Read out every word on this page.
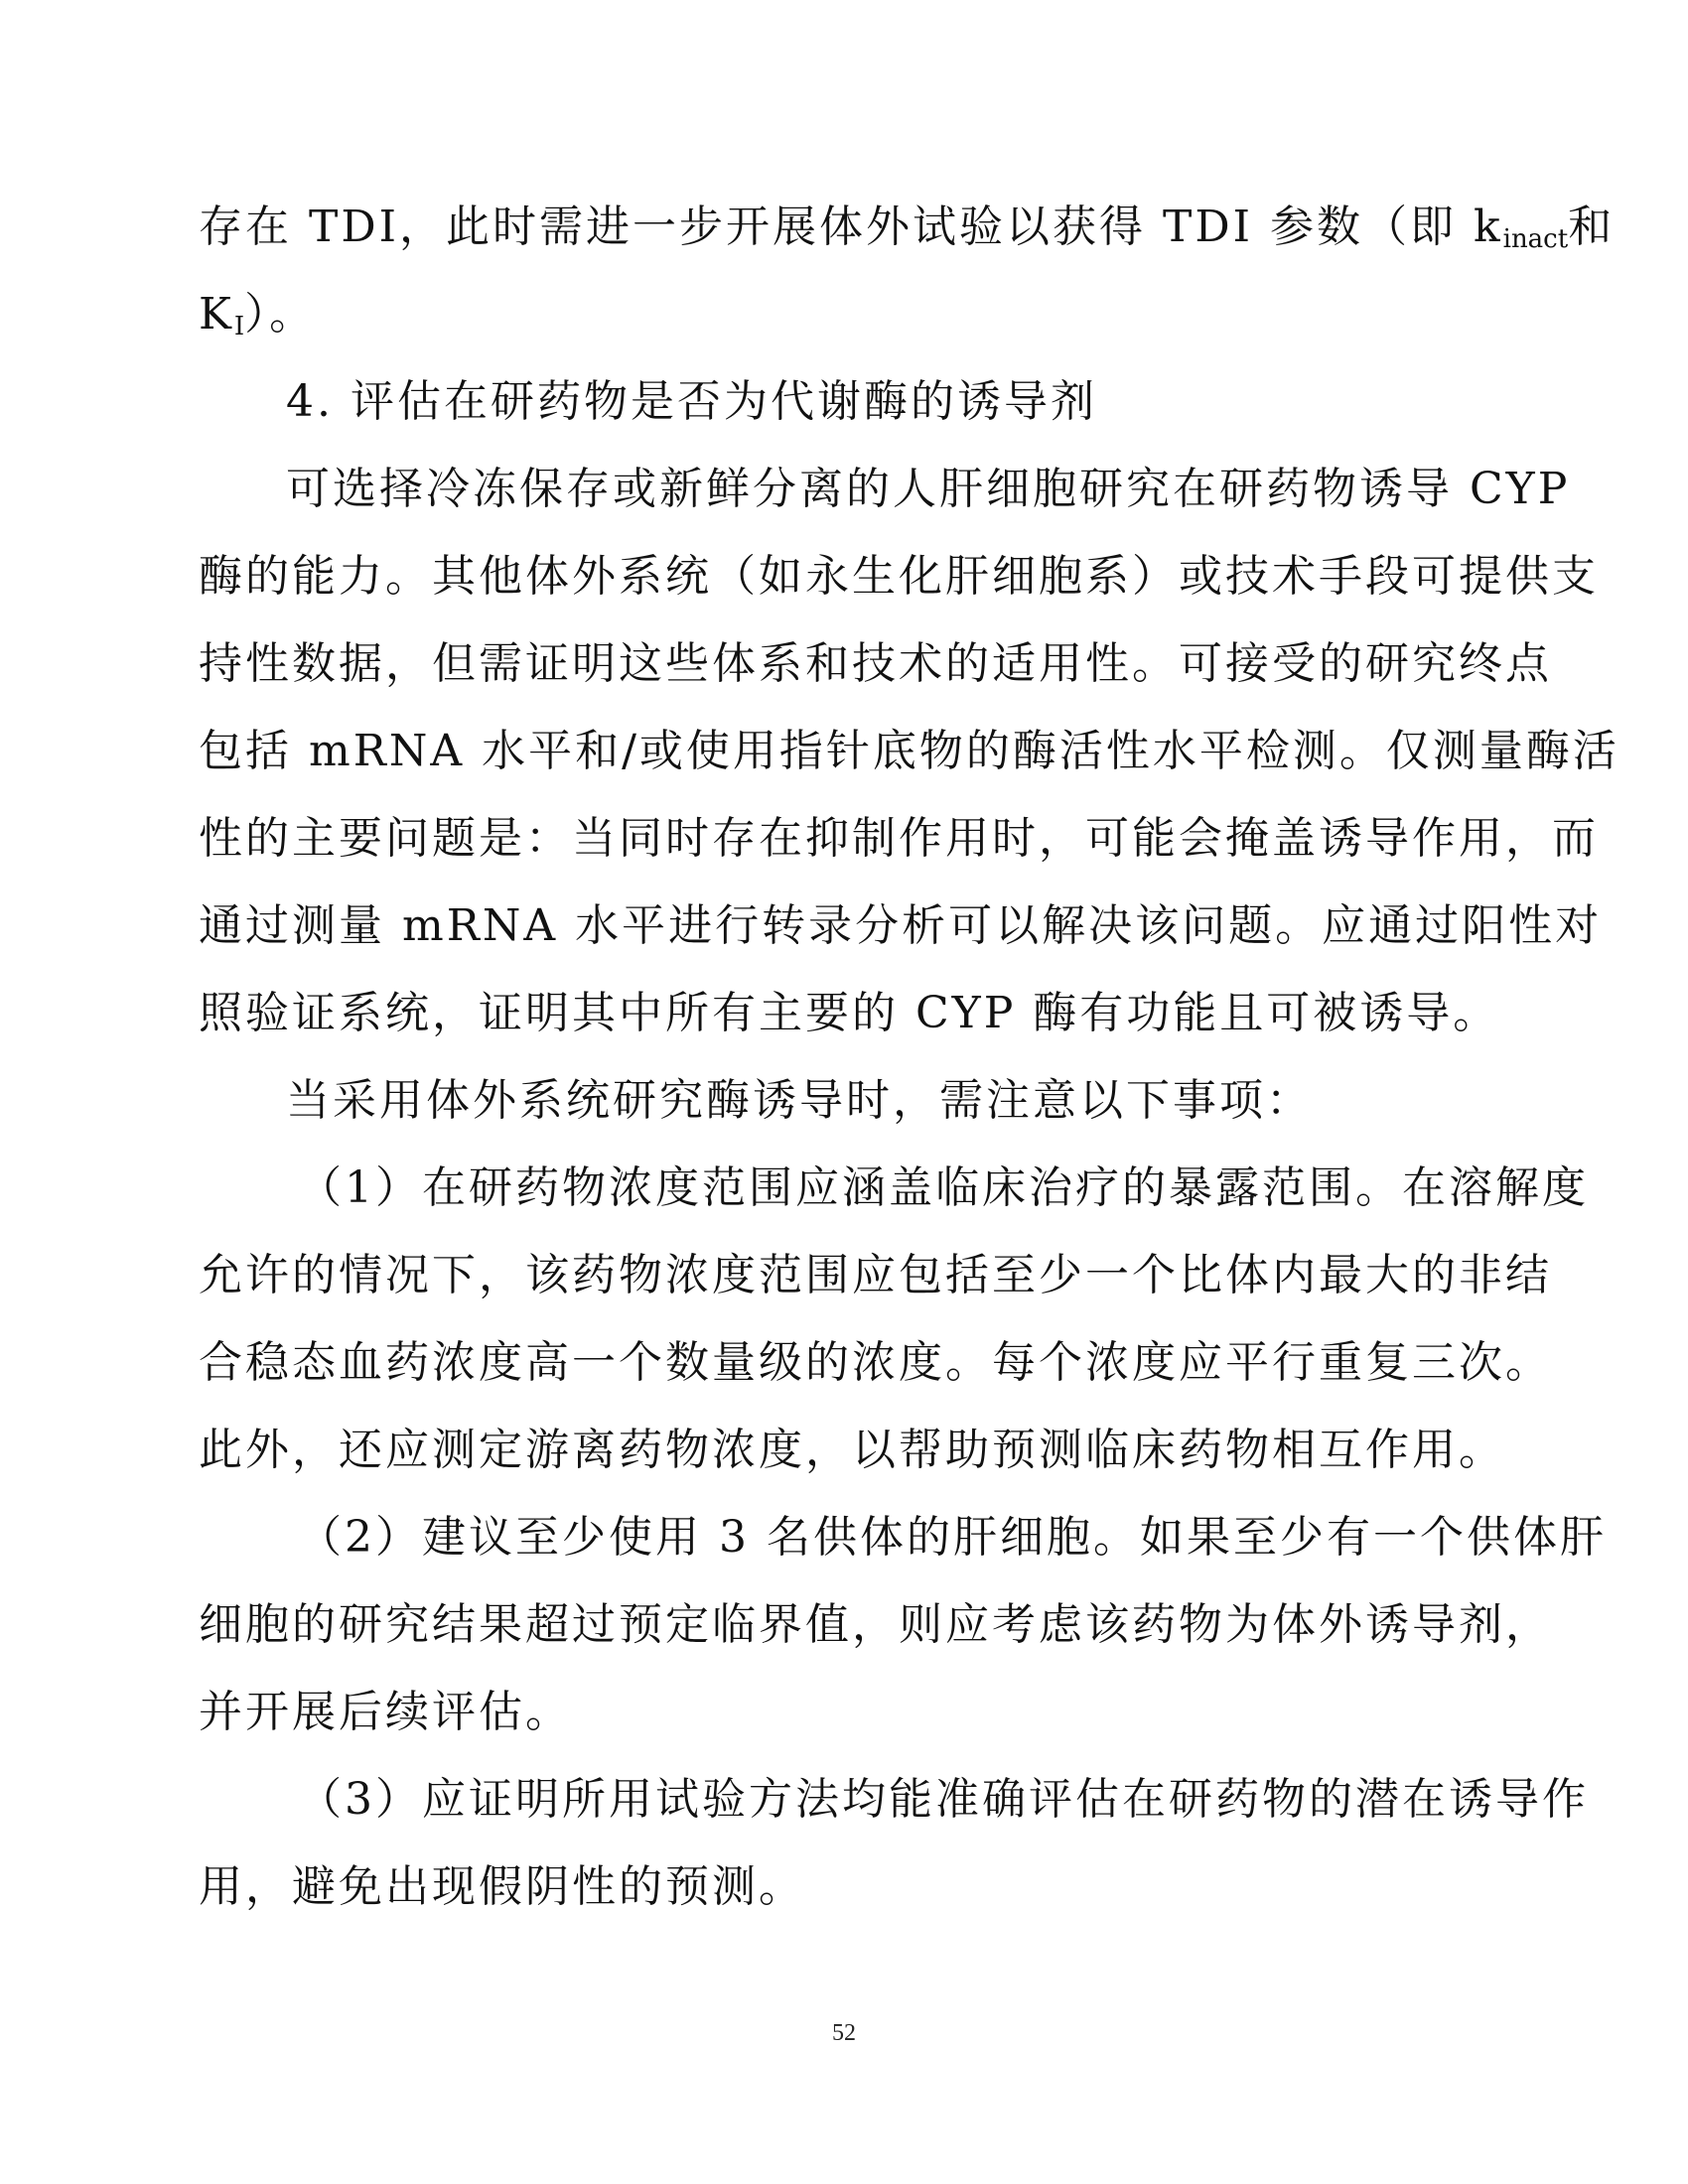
存在 TDI，此时需进一步开展体外试验以获得 TDI 参数（即 $k_{inact}$和
$K_I$）。
4. 评估在研药物是否为代谢酶的诱导剂
可选择冷冻保存或新鲜分离的人肝细胞研究在研药物诱导 CYP
酶的能力。其他体外系统（如永生化肝细胞系）或技术手段可提供支
持性数据，但需证明这些体系和技术的适用性。可接受的研究终点
包括 mRNA 水平和/或使用指针底物的酶活性水平检测。仅测量酶活
性的主要问题是：当同时存在抑制作用时，可能会掩盖诱导作用，而
通过测量 mRNA 水平进行转录分析可以解决该问题。应通过阳性对
照验证系统，证明其中所有主要的 CYP 酶有功能且可被诱导。
当采用体外系统研究酶诱导时，需注意以下事项：
（1）在研药物浓度范围应涵盖临床治疗的暴露范围。在溶解度
允许的情况下，该药物浓度范围应包括至少一个比体内最大的非结
合稳态血药浓度高一个数量级的浓度。每个浓度应平行重复三次。
此外，还应测定游离药物浓度，以帮助预测临床药物相互作用。
（2）建议至少使用 3 名供体的肝细胞。如果至少有一个供体肝
细胞的研究结果超过预定临界值，则应考虑该药物为体外诱导剂，
并开展后续评估。
（3）应证明所用试验方法均能准确评估在研药物的潜在诱导作
用，避免出现假阴性的预测。
52
